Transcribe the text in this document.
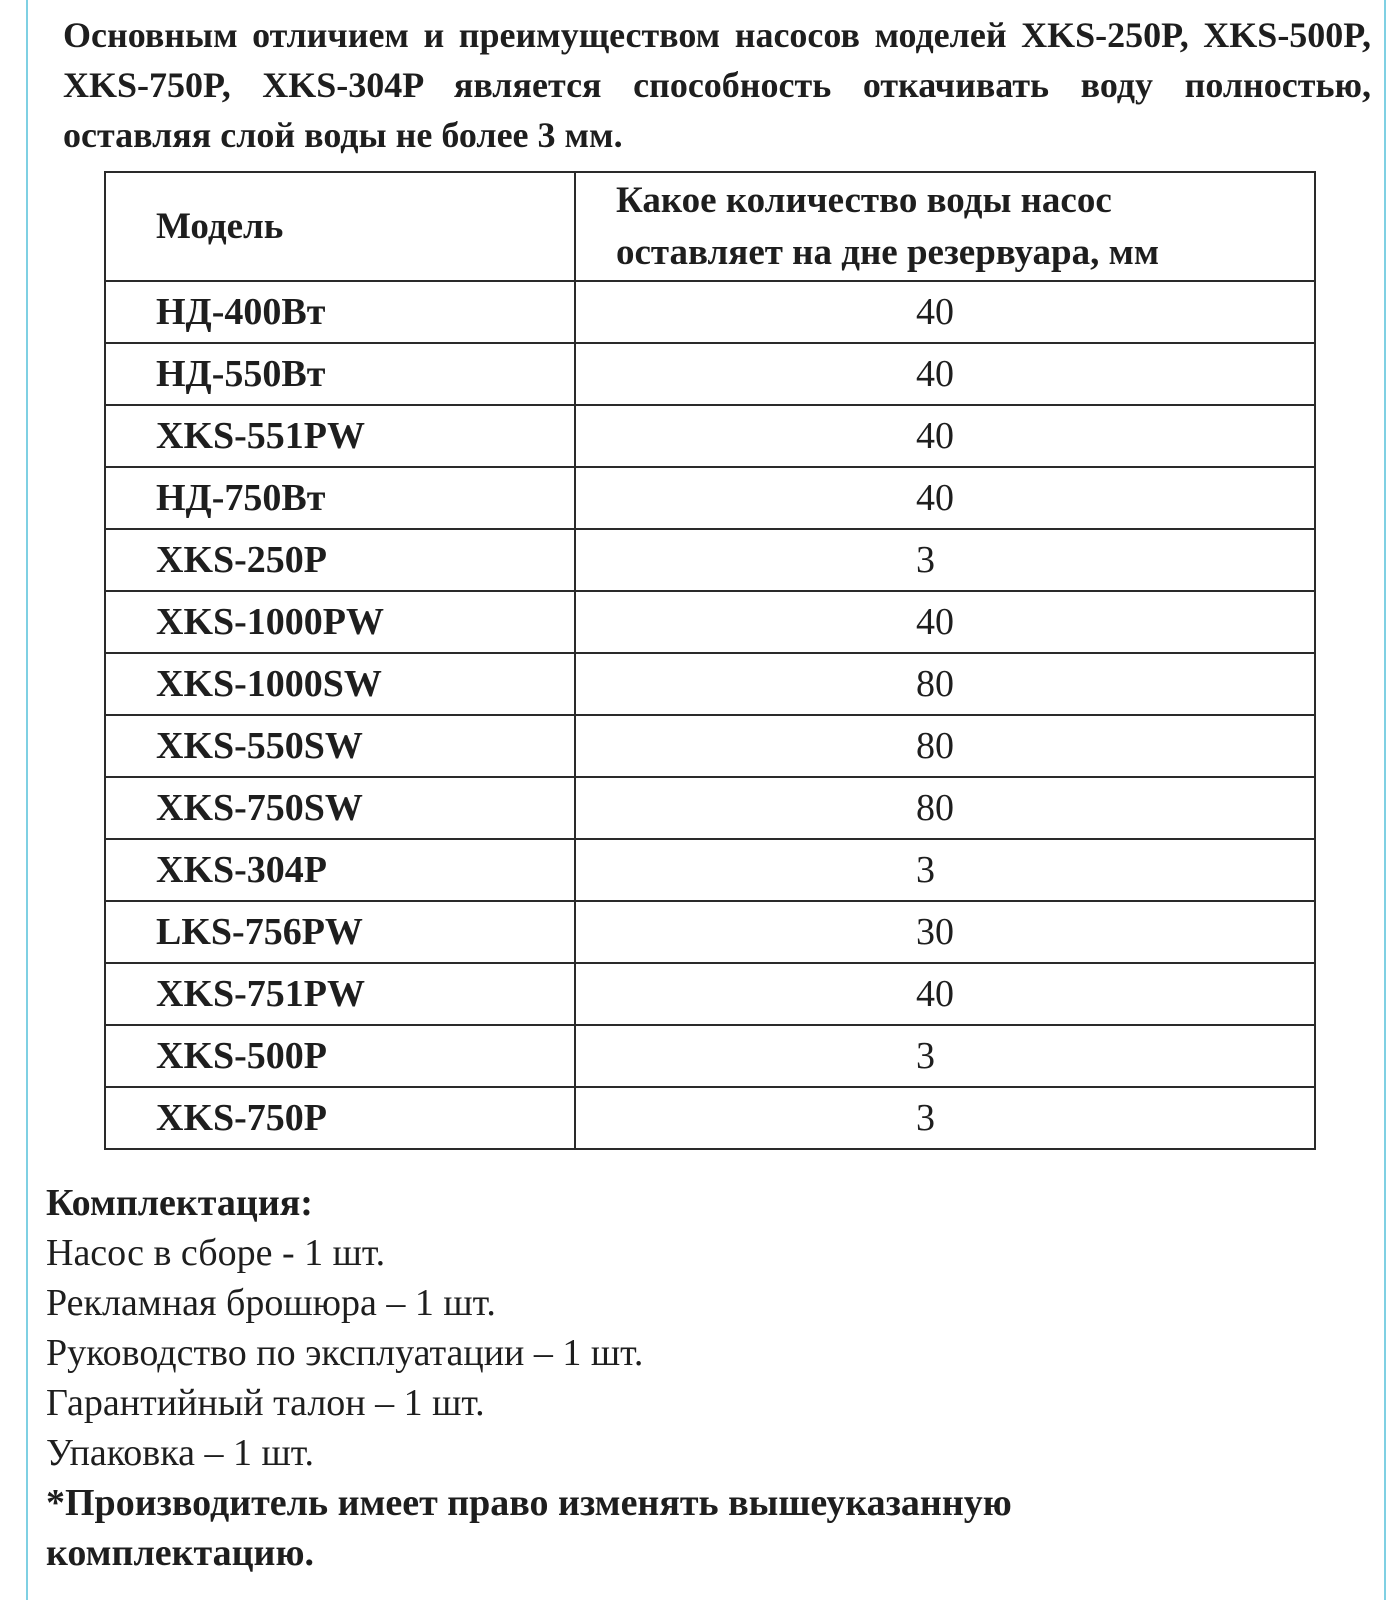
Основным отличием и преимуществом насосов моделей XKS-250P, XKS-500P, XKS-750P, XKS-304P является способность откачивать воду полностью, оставляя слой воды не более 3 мм.

Модель	Какое количество воды насос
оставляет на дне резервуара, мм
НД-400Вт	40
НД-550Вт	40
XKS-551PW	40
НД-750Вт	40
XKS-250P	3
XKS-1000PW	40
XKS-1000SW	80
XKS-550SW	80
XKS-750SW	80
XKS-304P	3
LKS-756PW	30
XKS-751PW	40
XKS-500P	3
XKS-750P	3
Комплектация:
Насос в сборе - 1 шт.
Рекламная брошюра – 1 шт.
Руководство по эксплуатации – 1 шт.
Гарантийный талон – 1 шт.
Упаковка – 1 шт.
*Производитель имеет право изменять вышеуказанную
комплектацию.
